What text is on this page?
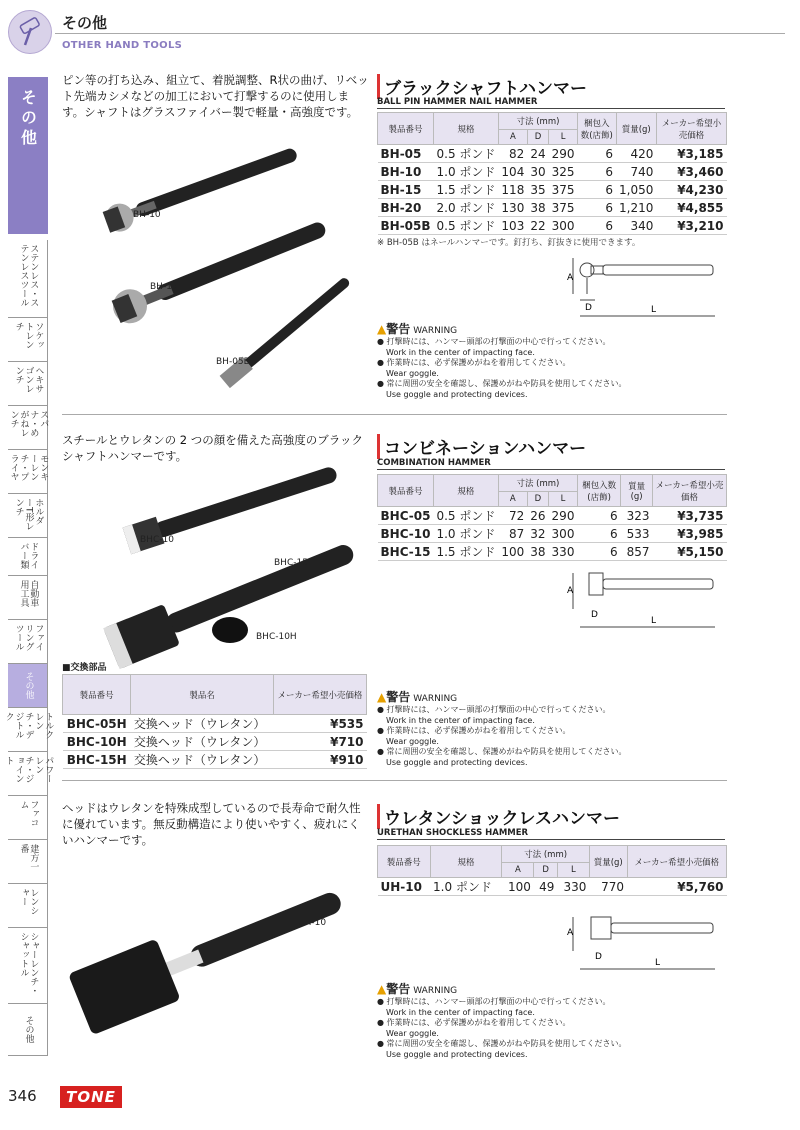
その他
OTHER HAND TOOLS
その他
ステンレス・ステンレスツール
ソケットレンチ
ヘキサゴンレンチ
スパナ・めがねレンチ
モンキーレンチ・プライヤ
ホルダーT形レンチ
ドライバー類
自動車用工具
ファイリングツール
その他
トルクレンチ・デジトルク
パワーレンチ・ジョイント
ファコム
建方一番
レンシャー
シャーレンチ・シャットル
その他
ピン等の打ち込み、組立て、着脱調整、R状の曲げ、リベット先端カシメなどの加工において打撃するのに使用します。シャフトはグラスファイバー製で軽量・高強度です。
BH-10
BH-15
BH-05B
ブラックシャフトハンマー
BALL PIN HAMMER NAIL HAMMER
製品番号	規格	寸法 (mm)			梱包入数(店飾)	質量(g)	メーカー希望小売価格
		A	D	L			
BH-05	0.5 ポンド	82	24	290	6	420	¥3,185
BH-10	1.0 ポンド	104	30	325	6	740	¥3,460
BH-15	1.5 ポンド	118	35	375	6	1,050	¥4,230
BH-20	2.0 ポンド	130	38	375	6	1,210	¥4,855
BH-05B	0.5 ポンド	103	22	300	6	340	¥3,210
※ BH-05B はネールハンマーです。釘打ち、釘抜きに使用できます。
A
D	L
▲警告 WARNING
● 打撃時には、ハンマー頭部の打撃面の中心で行ってください。
Work in the center of impacting face.
● 作業時には、必ず保護めがねを着用してください。
Wear goggle.
● 常に周囲の安全を確認し、保護めがねや防具を使用してください。
Use goggle and protecting devices.
スチールとウレタンの 2 つの顔を備えた高強度のブラックシャフトハンマーです。
BHC-10
BHC-15
BHC-10H
コンビネーションハンマー
COMBINATION HAMMER
製品番号	規格	寸法 (mm)			梱包入数(店飾)	質量(g)	メーカー希望小売価格
		A	D	L			
BHC-05	0.5 ポンド	72	26	290	6	323	¥3,735
BHC-10	1.0 ポンド	87	32	300	6	533	¥3,985
BHC-15	1.5 ポンド	100	38	330	6	857	¥5,150
A
D
L
■交換部品
製品番号	製品名	メーカー希望小売価格
BHC-05H	交換ヘッド（ウレタン）	¥535
BHC-10H	交換ヘッド（ウレタン）	¥710
BHC-15H	交換ヘッド（ウレタン）	¥910
▲警告 WARNING
● 打撃時には、ハンマー頭部の打撃面の中心で行ってください。
Work in the center of impacting face.
● 作業時には、必ず保護めがねを着用してください。
Wear goggle.
● 常に周囲の安全を確認し、保護めがねや防具を使用してください。
Use goggle and protecting devices.
ヘッドはウレタンを特殊成型しているので長寿命で耐久性に優れています。無反動構造により使いやすく、疲れにくいハンマーです。
UH-10
ウレタンショックレスハンマー
URETHAN SHOCKLESS HAMMER
製品番号	規格	寸法 (mm)			質量(g)	メーカー希望小売価格
		A	D	L		
UH-10	1.0 ポンド	100	49	330	770	¥5,760
A
D
L
▲警告 WARNING
● 打撃時には、ハンマー頭部の打撃面の中心で行ってください。
Work in the center of impacting face.
● 作業時には、必ず保護めがねを着用してください。
Wear goggle.
● 常に周囲の安全を確認し、保護めがねや防具を使用してください。
Use goggle and protecting devices.
346	TONE
